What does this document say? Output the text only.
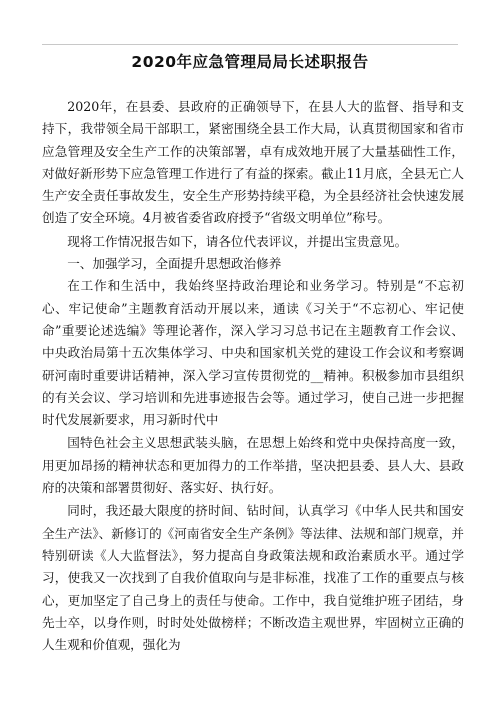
2020年应急管理局局长述职报告

2020年，在县委、县政府的正确领导下，在县人大的监督、指导和支持下，我带领全局干部职工，紧密围绕全县工作大局，认真贯彻国家和省市应急管理及安全生产工作的决策部署，卓有成效地开展了大量基础性工作，对做好新形势下应急管理工作进行了有益的探索。截止11月底，全县无亡人生产安全责任事故发生，安全生产形势持续平稳，为全县经济社会快速发展创造了安全环境。4月被省委省政府授予“省级文明单位”称号。

现将工作情况报告如下，请各位代表评议，并提出宝贵意见。

一、加强学习，全面提升思想政治修养

在工作和生活中，我始终坚持政治理论和业务学习。特别是“不忘初心、牢记使命”主题教育活动开展以来，通读《习关于“不忘初心、牢记使命”重要论述选编》等理论著作，深入学习习总书记在主题教育工作会议、中央政治局第十五次集体学习、中央和国家机关党的建设工作会议和考察调研河南时重要讲话精神，深入学习宣传贯彻党的__精神。积极参加市县组织的有关会议、学习培训和先进事迹报告会等。通过学习，使自己进一步把握时代发展新要求，用习新时代中

国特色社会主义思想武装头脑，在思想上始终和党中央保持高度一致，用更加昂扬的精神状态和更加得力的工作举措，坚决把县委、县人大、县政府的决策和部署贯彻好、落实好、执行好。

同时，我还最大限度的挤时间、钻时间，认真学习《中华人民共和国安全生产法》、新修订的《河南省安全生产条例》等法律、法规和部门规章，并特别研读《人大监督法》，努力提高自身政策法规和政治素质水平。通过学习，使我又一次找到了自我价值取向与是非标准，找准了工作的重要点与核心，更加坚定了自己身上的责任与使命。工作中，我自觉维护班子团结，身先士卒，以身作则，时时处处做榜样；不断改造主观世界，牢固树立正确的人生观和价值观，强化为
